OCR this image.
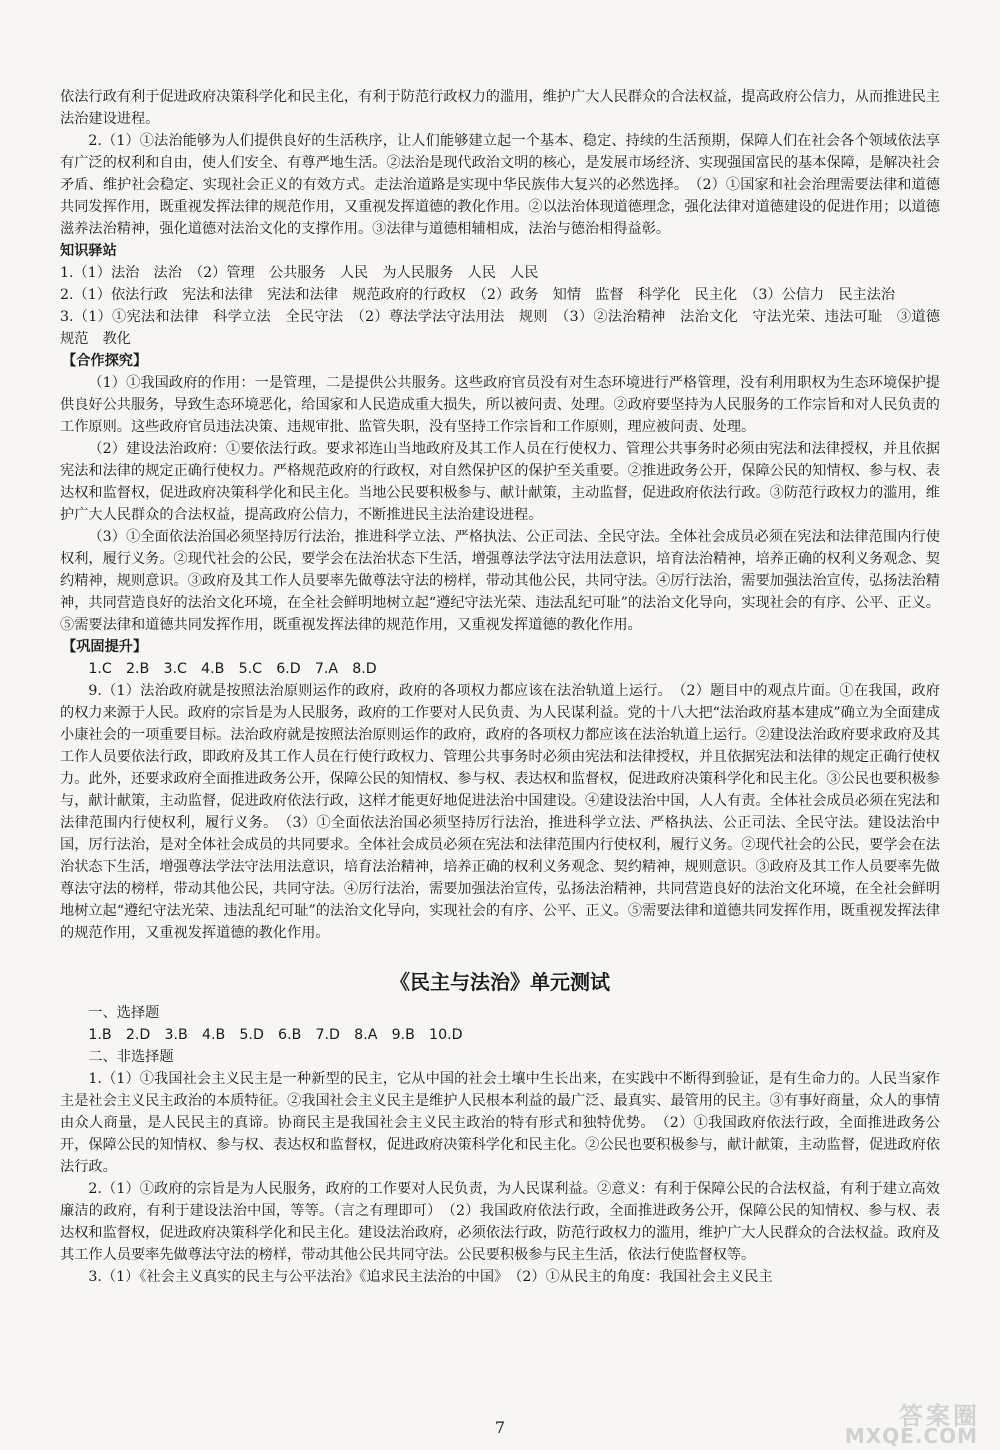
依法行政有利于促进政府决策科学化和民主化，有利于防范行政权力的滥用，维护广大人民群众的合法权益，提高政府公信力，从而推进民主法治建设进程。

2.（1）①法治能够为人们提供良好的生活秩序，让人们能够建立起一个基本、稳定、持续的生活预期，保障人们在社会各个领域依法享有广泛的权利和自由，使人们安全、有尊严地生活。②法治是现代政治文明的核心，是发展市场经济、实现强国富民的基本保障，是解决社会矛盾、维护社会稳定、实现社会正义的有效方式。走法治道路是实现中华民族伟大复兴的必然选择。　（2）①国家和社会治理需要法律和道德共同发挥作用，既重视发挥法律的规范作用，又重视发挥道德的教化作用。②以法治体现道德理念，强化法律对道德建设的促进作用；以道德滋养法治精神，强化道德对法治文化的支撑作用。③法律与道德相辅相成，法治与德治相得益彰。

知识驿站

1.（1）法治　法治　（2）管理　公共服务　人民　为人民服务　人民　人民

2.（1）依法行政　宪法和法律　宪法和法律　规范政府的行政权　（2）政务　知情　监督　科学化　民主化　（3）公信力　民主法治

3.（1）①宪法和法律　科学立法　全民守法　（2）尊法学法守法用法　规则　（3）②法治精神　法治文化　守法光荣、违法可耻　③道德　规范　教化

【合作探究】

（1）①我国政府的作用：一是管理，二是提供公共服务。这些政府官员没有对生态环境进行严格管理，没有利用职权为生态环境保护提供良好公共服务，导致生态环境恶化，给国家和人民造成重大损失，所以被问责、处理。②政府要坚持为人民服务的工作宗旨和对人民负责的工作原则。这些政府官员违法决策、违规审批、监管失职，没有坚持工作宗旨和工作原则，理应被问责、处理。

（2）建设法治政府：①要依法行政。要求祁连山当地政府及其工作人员在行使权力、管理公共事务时必须由宪法和法律授权，并且依据宪法和法律的规定正确行使权力。严格规范政府的行政权，对自然保护区的保护至关重要。②推进政务公开，保障公民的知情权、参与权、表达权和监督权，促进政府决策科学化和民主化。当地公民要积极参与、献计献策，主动监督，促进政府依法行政。③防范行政权力的滥用，维护广大人民群众的合法权益，提高政府公信力，不断推进民主法治建设进程。

（3）①全面依法治国必须坚持厉行法治，推进科学立法、严格执法、公正司法、全民守法。全体社会成员必须在宪法和法律范围内行使权利，履行义务。②现代社会的公民，要学会在法治状态下生活，增强尊法学法守法用法意识，培育法治精神，培养正确的权利义务观念、契约精神，规则意识。③政府及其工作人员要率先做尊法守法的榜样，带动其他公民，共同守法。④厉行法治，需要加强法治宣传，弘扬法治精神，共同营造良好的法治文化环境，在全社会鲜明地树立起“遵纪守法光荣、违法乱纪可耻”的法治文化导向，实现社会的有序、公平、正义。⑤需要法律和道德共同发挥作用，既重视发挥法律的规范作用，又重视发挥道德的教化作用。

【巩固提升】

1.C　2.B　3.C　4.B　5.C　6.D　7.A　8.D

9.（1）法治政府就是按照法治原则运作的政府，政府的各项权力都应该在法治轨道上运行。　（2）题目中的观点片面。①在我国，政府的权力来源于人民。政府的宗旨是为人民服务，政府的工作要对人民负责、为人民谋利益。党的十八大把“法治政府基本建成”确立为全面建成小康社会的一项重要目标。法治政府就是按照法治原则运作的政府，政府的各项权力都应该在法治轨道上运行。②建设法治政府要求政府及其工作人员要依法行政，即政府及其工作人员在行使行政权力、管理公共事务时必须由宪法和法律授权，并且依据宪法和法律的规定正确行使权力。此外，还要求政府全面推进政务公开，保障公民的知情权、参与权、表达权和监督权，促进政府决策科学化和民主化。③公民也要积极参与，献计献策，主动监督，促进政府依法行政，这样才能更好地促进法治中国建设。④建设法治中国，人人有责。全体社会成员必须在宪法和法律范围内行使权利，履行义务。　（3）①全面依法治国必须坚持厉行法治，推进科学立法、严格执法、公正司法、全民守法。建设法治中国，厉行法治，是对全体社会成员的共同要求。全体社会成员必须在宪法和法律范围内行使权利，履行义务。②现代社会的公民，要学会在法治状态下生活，增强尊法学法守法用法意识，培育法治精神，培养正确的权利义务观念、契约精神，规则意识。③政府及其工作人员要率先做尊法守法的榜样，带动其他公民，共同守法。④厉行法治，需要加强法治宣传，弘扬法治精神，共同营造良好的法治文化环境，在全社会鲜明地树立起“遵纪守法光荣、违法乱纪可耻”的法治文化导向，实现社会的有序、公平、正义。⑤需要法律和道德共同发挥作用，既重视发挥法律的规范作用，又重视发挥道德的教化作用。

《民主与法治》单元测试

一、选择题

1.B　2.D　3.B　4.B　5.D　6.B　7.D　8.A　9.B　10.D

二、非选择题

1.（1）①我国社会主义民主是一种新型的民主，它从中国的社会土壤中生长出来，在实践中不断得到验证，是有生命力的。人民当家作主是社会主义民主政治的本质特征。②我国社会主义民主是维护人民根本利益的最广泛、最真实、最管用的民主。③有事好商量，众人的事情由众人商量，是人民民主的真谛。协商民主是我国社会主义民主政治的特有形式和独特优势。　（2）①我国政府依法行政，全面推进政务公开，保障公民的知情权、参与权、表达权和监督权，促进政府决策科学化和民主化。②公民也要积极参与，献计献策，主动监督，促进政府依法行政。

2.（1）①政府的宗旨是为人民服务，政府的工作要对人民负责，为人民谋利益。②意义：有利于保障公民的合法权益，有利于建立高效廉洁的政府，有利于建设法治中国，等等。（言之有理即可）　（2）我国政府依法行政，全面推进政务公开，保障公民的知情权、参与权、表达权和监督权，促进政府决策科学化和民主化。建设法治政府，必须依法行政，防范行政权力的滥用，维护广大人民群众的合法权益。政府及其工作人员要率先做尊法守法的榜样，带动其他公民共同守法。公民要积极参与民主生活，依法行使监督权等。

3.（1）《社会主义真实的民主与公平法治》《追求民主法治的中国》　（2）①从民主的角度：我国社会主义民主

7	答案圈
MXQE.COM
